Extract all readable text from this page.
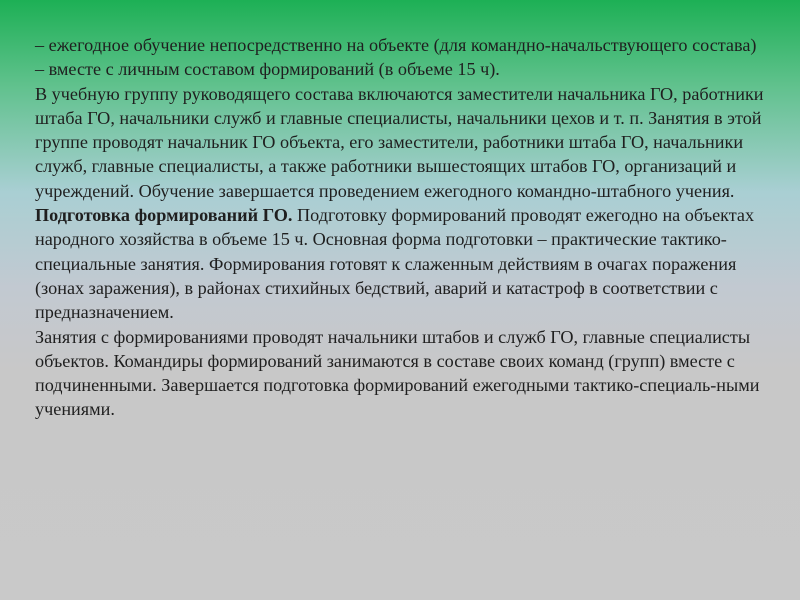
– ежегодное обучение непосредственно на объекте (для командно-начальствующего состава) – вместе с личным составом формирований (в объеме 15 ч).

В учебную группу руководящего состава включаются заместители начальника ГО, работники штаба ГО, начальники служб и главные специалисты, начальники цехов и т. п. Занятия в этой группе проводят начальник ГО объекта, его заместители, работники штаба ГО, начальники служб, главные специалисты, а также работники вышестоящих штабов ГО, организаций и учреждений. Обучение завершается проведением ежегодного командно-штабного учения.

Подготовка формирований ГО. Подготовку формирований проводят ежегодно на объектах народного хозяйства в объеме 15 ч. Основная форма подготовки – практические тактико-специальные занятия. Формирования готовят к слаженным действиям в очагах поражения (зонах заражения), в районах стихийных бедствий, аварий и катастроф в соответствии с предназначением.

Занятия с формированиями проводят начальники штабов и служб ГО, главные специалисты объектов. Командиры формирований занимаются в составе своих команд (групп) вместе с подчиненными. Завершается подготовка формирований ежегодными тактико-специаль-ными учениями.
